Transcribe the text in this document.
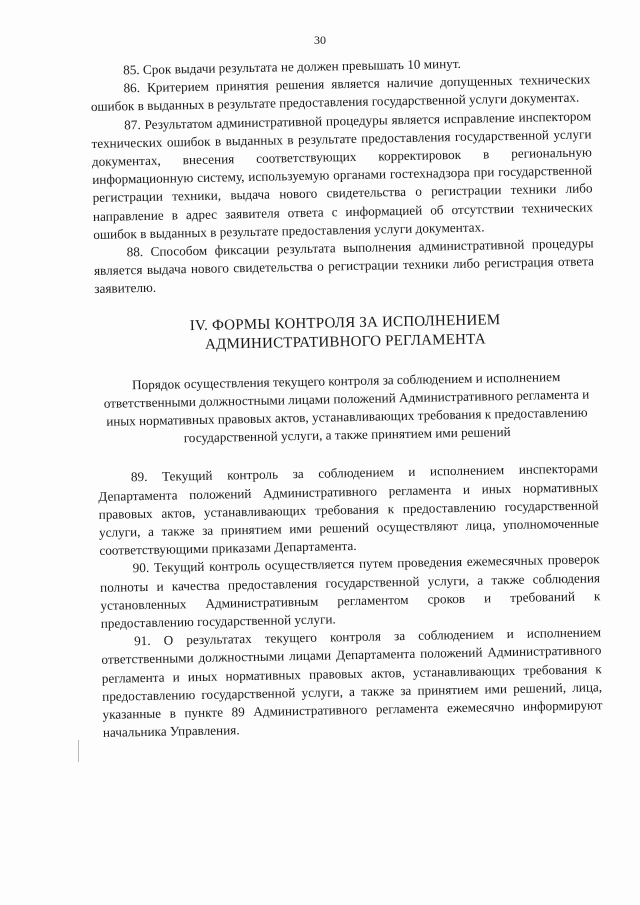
30

85. Срок выдачи результата не должен превышать 10 минут.

86. Критерием принятия решения является наличие допущенных технических ошибок в выданных в результате предоставления государственной услуги документах.

87. Результатом административной процедуры является исправление инспектором технических ошибок в выданных в результате предоставления государственной услуги документах, внесения соответствующих корректировок в региональную информационную систему, используемую органами гостехнадзора при государственной регистрации техники, выдача нового свидетельства о регистрации техники либо направление в адрес заявителя ответа с информацией об отсутствии технических ошибок в выданных в результате предоставления услуги документах.

88. Способом фиксации результата выполнения административной процедуры является выдача нового свидетельства о регистрации техники либо регистрация ответа заявителю.

IV. ФОРМЫ КОНТРОЛЯ ЗА ИСПОЛНЕНИЕМ
АДМИНИСТРАТИВНОГО РЕГЛАМЕНТА
Порядок осуществления текущего контроля за соблюдением и исполнением ответственными должностными лицами положений Административного регламента и иных нормативных правовых актов, устанавливающих требования к предоставлению государственной услуги, а также принятием ими решений

89. Текущий контроль за соблюдением и исполнением инспекторами Департамента положений Административного регламента и иных нормативных правовых актов, устанавливающих требования к предоставлению государственной услуги, а также за принятием ими решений осуществляют лица, уполномоченные соответствующими приказами Департамента.

90. Текущий контроль осуществляется путем проведения ежемесячных проверок полноты и качества предоставления государственной услуги, а также соблюдения установленных Административным регламентом сроков и требований к предоставлению государственной услуги.

91. О результатах текущего контроля за соблюдением и исполнением ответственными должностными лицами Департамента положений Административного регламента и иных нормативных правовых актов, устанавливающих требования к предоставлению государственной услуги, а также за принятием ими решений, лица, указанные в пункте 89 Административного регламента ежемесячно информируют начальника Управления.
